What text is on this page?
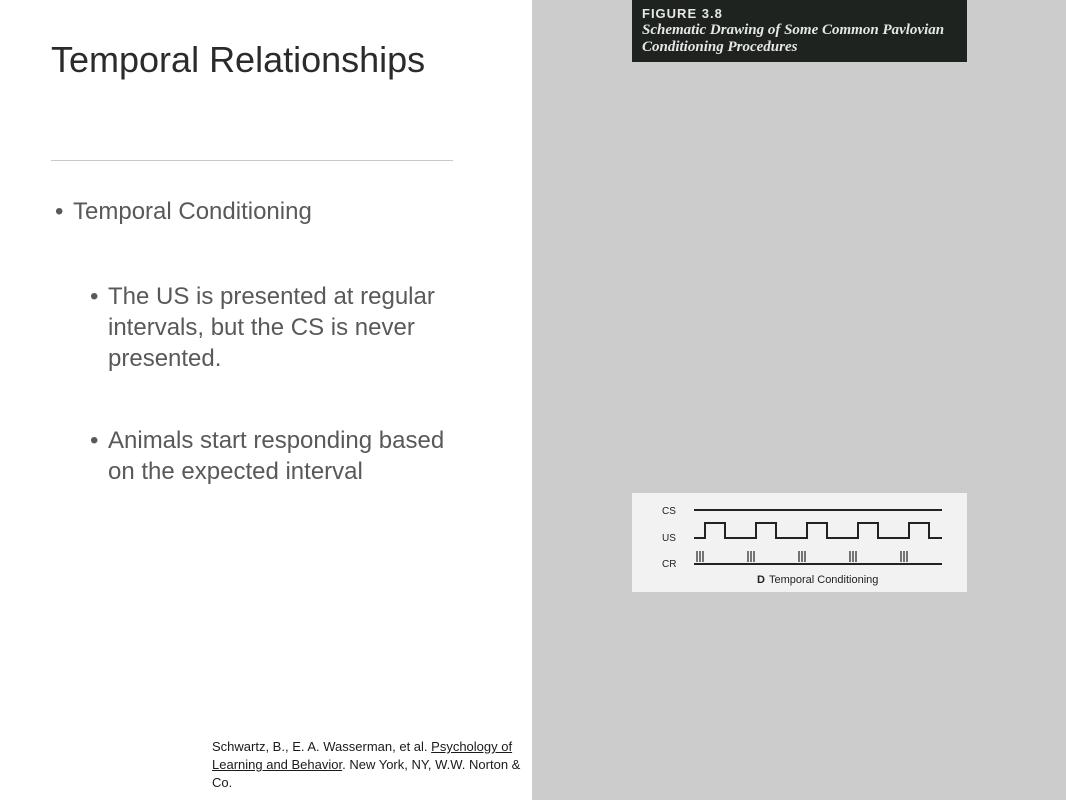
Temporal Relationships
• Temporal Conditioning
• The US is presented at regular intervals, but the CS is never presented.
• Animals start responding based on the expected interval
Schwartz, B., E. A. Wasserman, et al. Psychology of Learning and Behavior. New York, NY, W.W. Norton & Co.
FIGURE 3.8
Schematic Drawing of Some Common Pavlovian Conditioning Procedures
CS
US
CR
D Temporal Conditioning
